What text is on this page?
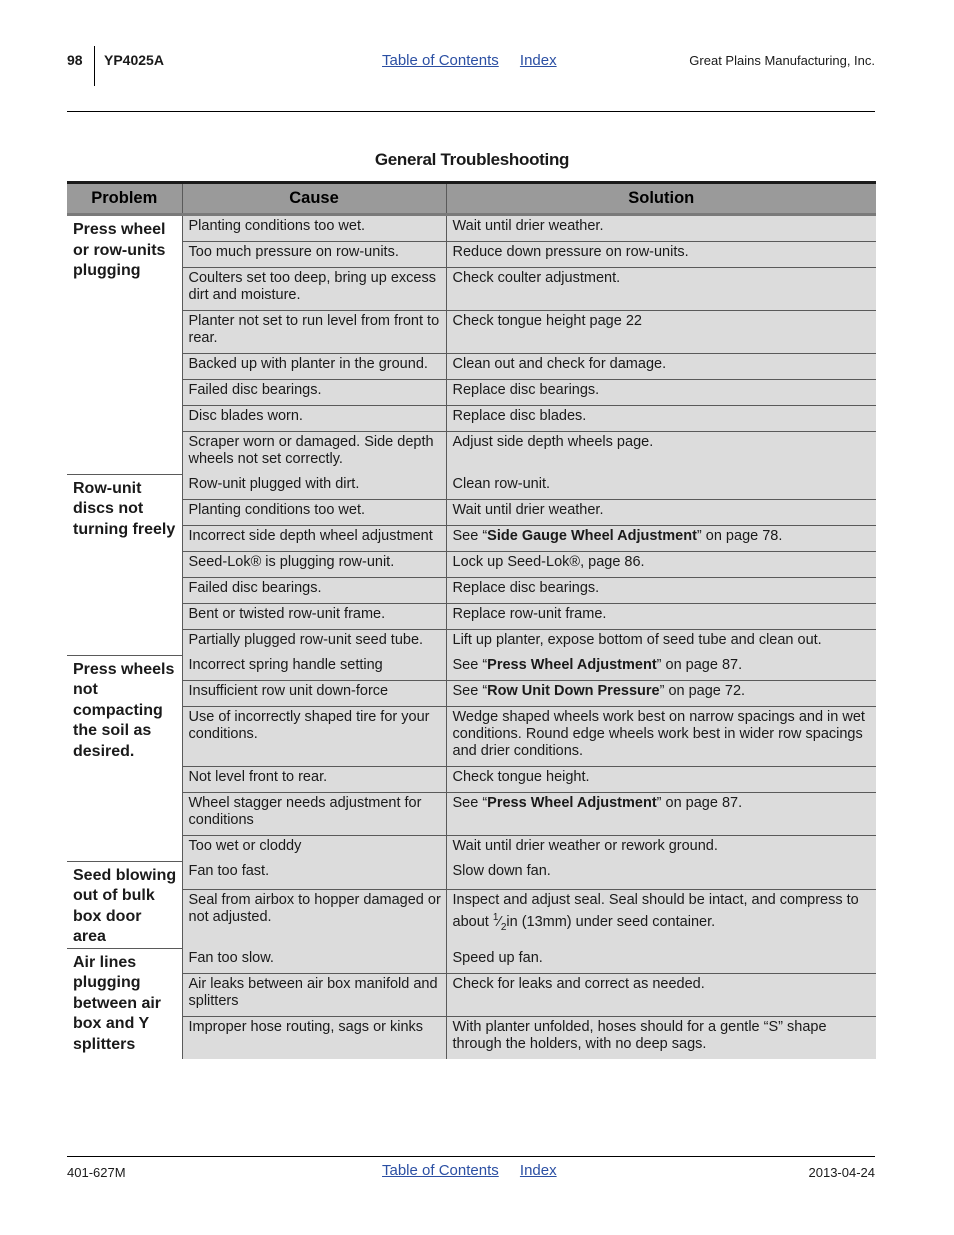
98 YP4025A	Table of Contents Index	Great Plains Manufacturing, Inc.
General Troubleshooting
Problem	Cause	Solution
Press wheel or row-units plugging	Planting conditions too wet.	Wait until drier weather.
	Too much pressure on row-units.	Reduce down pressure on row-units.
	Coulters set too deep, bring up excess dirt and moisture.	Check coulter adjustment.
	Planter not set to run level from front to rear.	Check tongue height page 22
	Backed up with planter in the ground.	Clean out and check for damage.
	Failed disc bearings.	Replace disc bearings.
	Disc blades worn.	Replace disc blades.
	Scraper worn or damaged. Side depth wheels not set correctly.	Adjust side depth wheels page.
Row-unit discs not turning freely	Row-unit plugged with dirt.	Clean row-unit.
	Planting conditions too wet.	Wait until drier weather.
	Incorrect side depth wheel adjustment	See “Side Gauge Wheel Adjustment” on page 78.
	Seed-Lok® is plugging row-unit.	Lock up Seed-Lok®, page 86.
	Failed disc bearings.	Replace disc bearings.
	Bent or twisted row-unit frame.	Replace row-unit frame.
	Partially plugged row-unit seed tube.	Lift up planter, expose bottom of seed tube and clean out.
Press wheels not compacting the soil as desired.	Incorrect spring handle setting	See “Press Wheel Adjustment” on page 87.
	Insufficient row unit down-force	See “Row Unit Down Pressure” on page 72.
	Use of incorrectly shaped tire for your conditions.	Wedge shaped wheels work best on narrow spacings and in wet conditions. Round edge wheels work best in wider row spacings and drier conditions.
	Not level front to rear.	Check tongue height.
	Wheel stagger needs adjustment for conditions	See “Press Wheel Adjustment” on page 87.
	Too wet or cloddy	Wait until drier weather or rework ground.
Seed blowing out of bulk box door area	Fan too fast.	Slow down fan.
	Seal from airbox to hopper damaged or not adjusted.	Inspect and adjust seal. Seal should be intact, and compress to about $^1⁄_2in$ (13mm) under seed container.
Air lines plugging between air box and Y splitters	Fan too slow.	Speed up fan.
	Air leaks between air box manifold and splitters	Check for leaks and correct as needed.
	Improper hose routing, sags or kinks	With planter unfolded, hoses should for a gentle “S” shape through the holders, with no deep sags.
401-627M	Table of Contents Index	2013-04-24
